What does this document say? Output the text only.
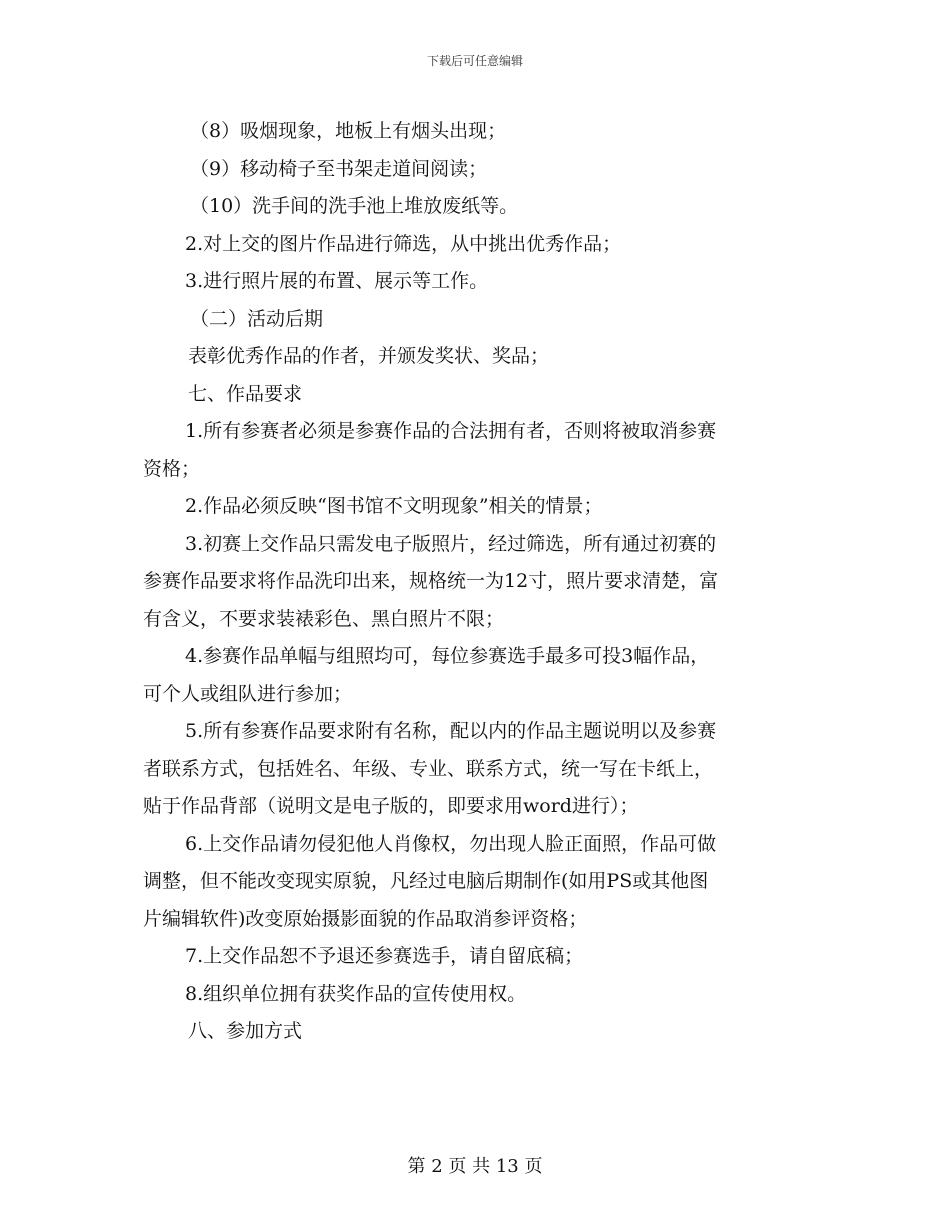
下载后可任意编辑

（8）吸烟现象，地板上有烟头出现；

（9）移动椅子至书架走道间阅读；

（10）洗手间的洗手池上堆放废纸等。

2.对上交的图片作品进行筛选，从中挑出优秀作品；

3.进行照片展的布置、展示等工作。

（二）活动后期

表彰优秀作品的作者，并颁发奖状、奖品；

七、作品要求

1.所有参赛者必须是参赛作品的合法拥有者，否则将被取消参赛

资格；

2.作品必须反映“图书馆不文明现象”相关的情景；

3.初赛上交作品只需发电子版照片，经过筛选，所有通过初赛的

参赛作品要求将作品洗印出来，规格统一为12寸，照片要求清楚，富

有含义，不要求装裱彩色、黑白照片不限；

4.参赛作品单幅与组照均可，每位参赛选手最多可投3幅作品，

可个人或组队进行参加；

5.所有参赛作品要求附有名称，配以内的作品主题说明以及参赛

者联系方式，包括姓名、年级、专业、联系方式，统一写在卡纸上，

贴于作品背部（说明文是电子版的，即要求用word进行）；

6.上交作品请勿侵犯他人肖像权，勿出现人脸正面照，作品可做

调整，但不能改变现实原貌，凡经过电脑后期制作(如用PS或其他图

片编辑软件)改变原始摄影面貌的作品取消参评资格；

7.上交作品恕不予退还参赛选手，请自留底稿；

8.组织单位拥有获奖作品的宣传使用权。

八、参加方式

第 2 页 共 13 页
